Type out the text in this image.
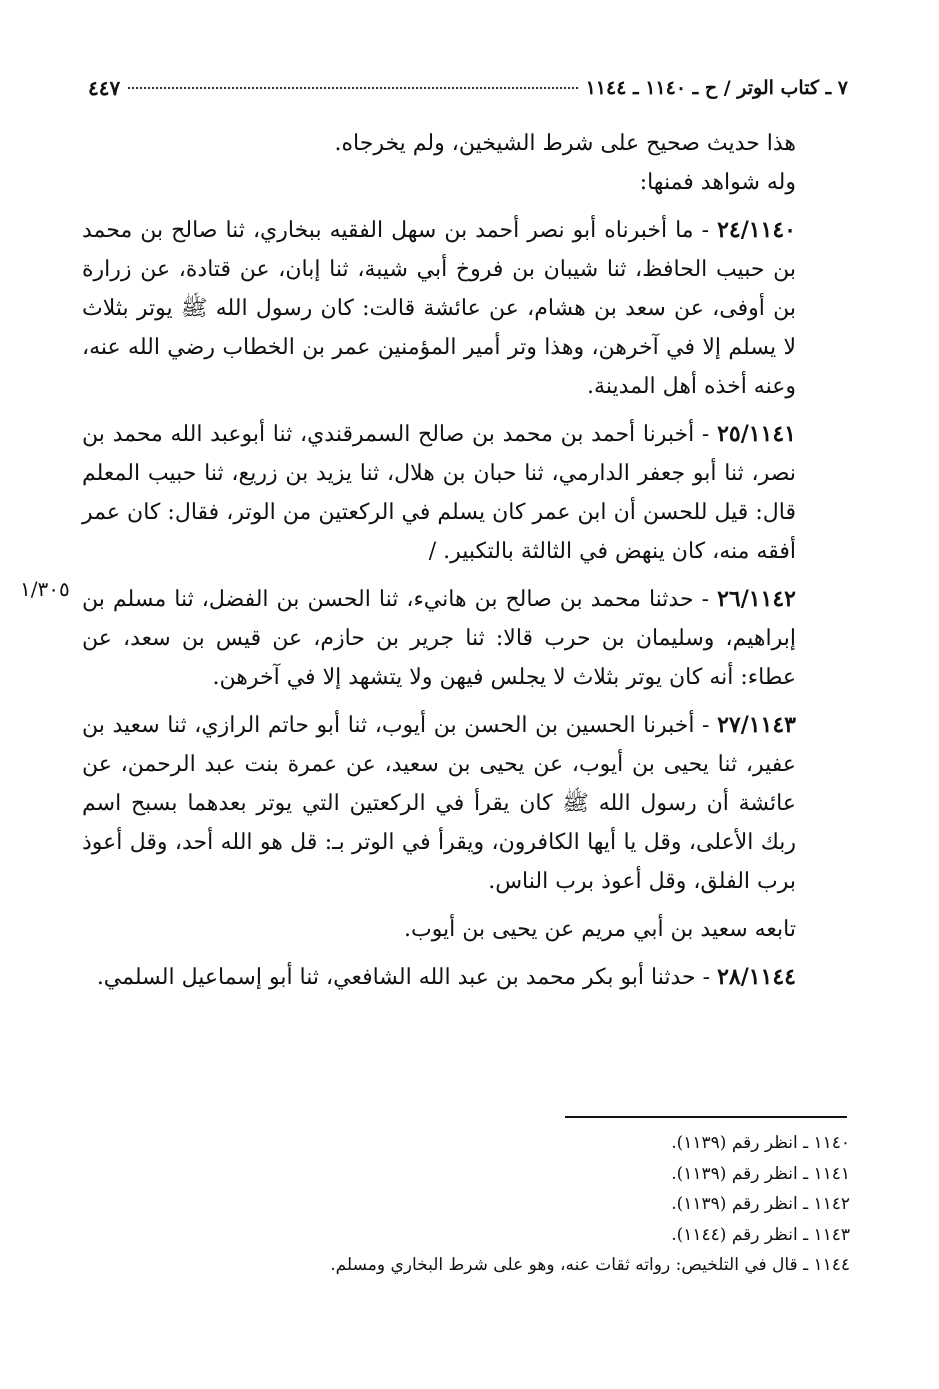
٧ ـ كتاب الوتر / ح ـ ١١٤٠ ـ ١١٤٤
٤٤٧

هذا حديث صحيح على شرط الشيخين، ولم يخرجاه.

وله شواهد فمنها:

٢٤/١١٤٠ - ما أخبرناه أبو نصر أحمد بن سهل الفقيه ببخاري، ثنا صالح بن محمد بن حبيب الحافظ، ثنا شيبان بن فروخ أبي شيبة، ثنا إبان، عن قتادة، عن زرارة بن أوفى، عن سعد بن هشام، عن عائشة قالت: كان رسول الله ﷺ يوتر بثلاث لا يسلم إلا في آخرهن، وهذا وتر أمير المؤمنين عمر بن الخطاب رضي الله عنه، وعنه أخذه أهل المدينة.

٢٥/١١٤١ - أخبرنا أحمد بن محمد بن صالح السمرقندي، ثنا أبوعبد الله محمد بن نصر، ثنا أبو جعفر الدارمي، ثنا حبان بن هلال، ثنا يزيد بن زريع، ثنا حبيب المعلم قال: قيل للحسن أن ابن عمر كان يسلم في الركعتين من الوتر، فقال: كان عمر أفقه منه، كان ينهض في الثالثة بالتكبير. /

٢٦/١١٤٢ - حدثنا محمد بن صالح بن هانيء، ثنا الحسن بن الفضل، ثنا مسلم بن إبراهيم، وسليمان بن حرب قالا: ثنا جرير بن حازم، عن قيس بن سعد، عن عطاء: أنه كان يوتر بثلاث لا يجلس فيهن ولا يتشهد إلا في آخرهن.

٢٧/١١٤٣ - أخبرنا الحسين بن الحسن بن أيوب، ثنا أبو حاتم الرازي، ثنا سعيد بن عفير، ثنا يحيى بن أيوب، عن يحيى بن سعيد، عن عمرة بنت عبد الرحمن، عن عائشة أن رسول الله ﷺ كان يقرأ في الركعتين التي يوتر بعدهما بسبح اسم ربك الأعلى، وقل يا أيها الكافرون، ويقرأ في الوتر بـ: قل هو الله أحد، وقل أعوذ برب الفلق، وقل أعوذ برب الناس.

تابعه سعيد بن أبي مريم عن يحيى بن أيوب.

٢٨/١١٤٤ - حدثنا أبو بكر محمد بن عبد الله الشافعي، ثنا أبو إسماعيل السلمي.

١/٣٠٥

١١٤٠ ـ انظر رقم (١١٣٩).

١١٤١ ـ انظر رقم (١١٣٩).

١١٤٢ ـ انظر رقم (١١٣٩).

١١٤٣ ـ انظر رقم (١١٤٤).

١١٤٤ ـ قال في التلخيص: رواته ثقات عنه، وهو على شرط البخاري ومسلم.
